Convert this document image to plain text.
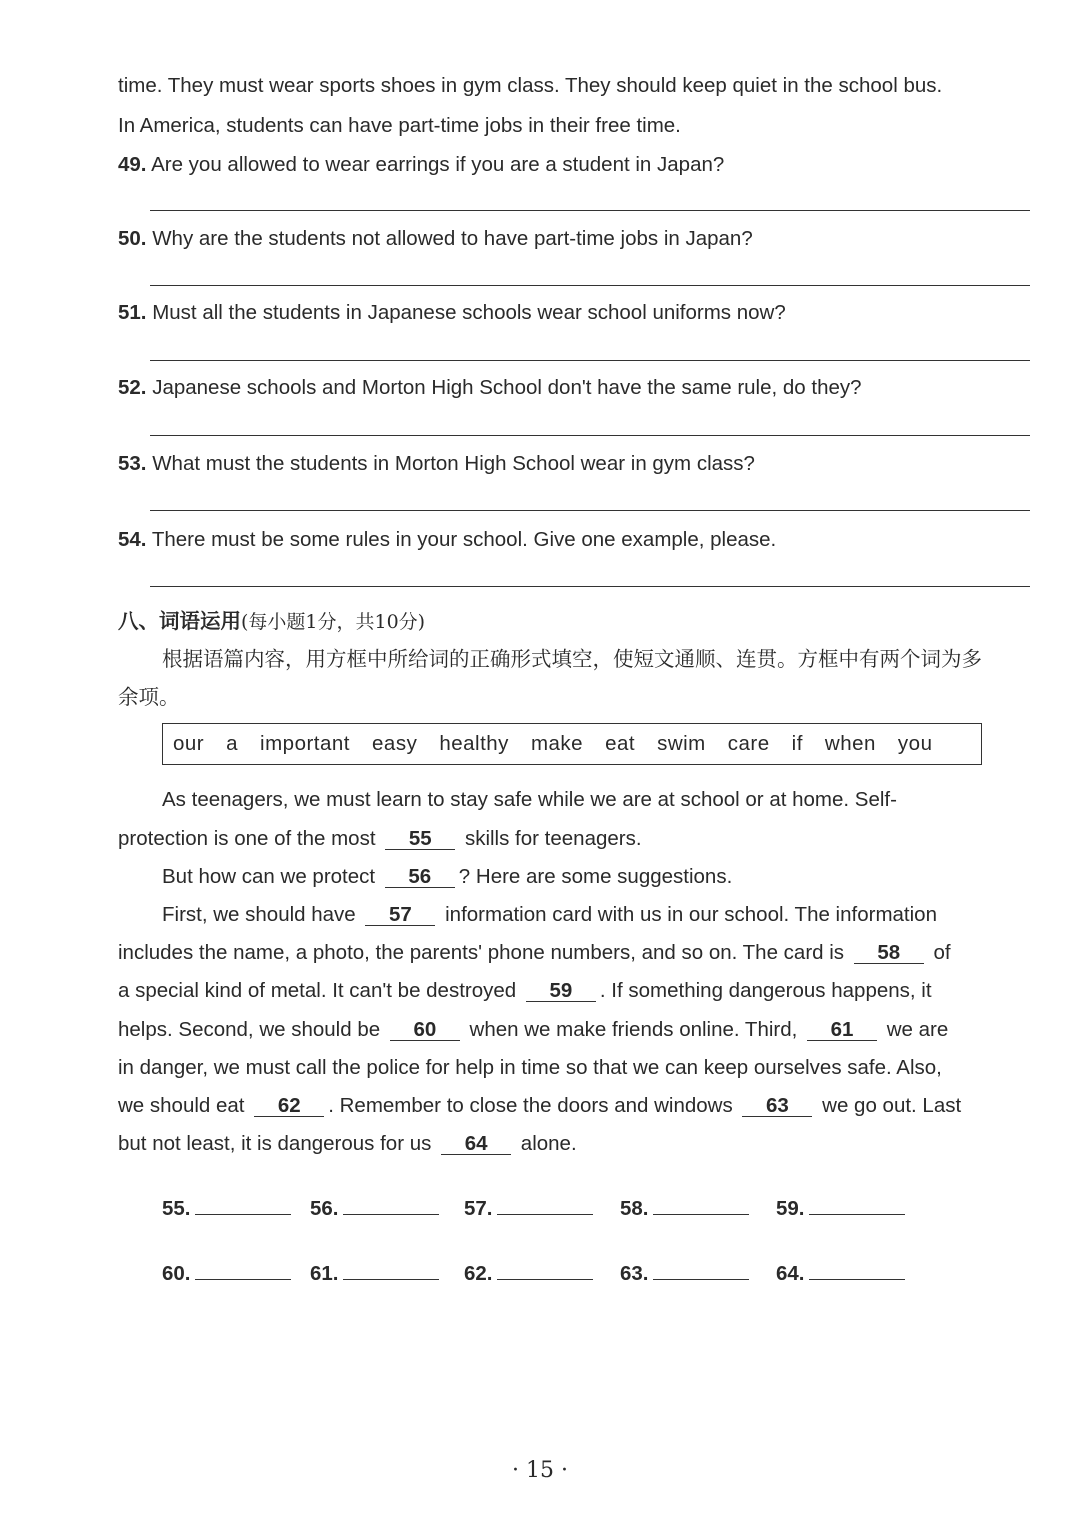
time. They must wear sports shoes in gym class. They should keep quiet in the school bus.
In America, students can have part-time jobs in their free time.
49. Are you allowed to wear earrings if you are a student in Japan?
50. Why are the students not allowed to have part-time jobs in Japan?
51. Must all the students in Japanese schools wear school uniforms now?
52. Japanese schools and Morton High School don't have the same rule, do they?
53. What must the students in Morton High School wear in gym class?
54. There must be some rules in your school. Give one example, please.
八、词语运用(每小题1分，共10分)
根据语篇内容，用方框中所给词的正确形式填空，使短文通顺、连贯。方框中有两个词为多
余项。
our a important easy healthy make eat swim care if when you
As teenagers, we must learn to stay safe while we are at school or at home. Self-
protection is one of the most 55 skills for teenagers.
But how can we protect 56 ? Here are some suggestions.
First, we should have 57 information card with us in our school. The information
includes the name, a photo, the parents' phone numbers, and so on. The card is 58 of
a special kind of metal. It can't be destroyed 59 . If something dangerous happens, it
helps. Second, we should be 60 when we make friends online. Third, 61 we are
in danger, we must call the police for help in time so that we can keep ourselves safe. Also,
we should eat 62 . Remember to close the doors and windows 63 we go out. Last
but not least, it is dangerous for us 64 alone.
55.	56.	57.	58.	59.
60.	61.	62.	63.	64.
· 15 ·
